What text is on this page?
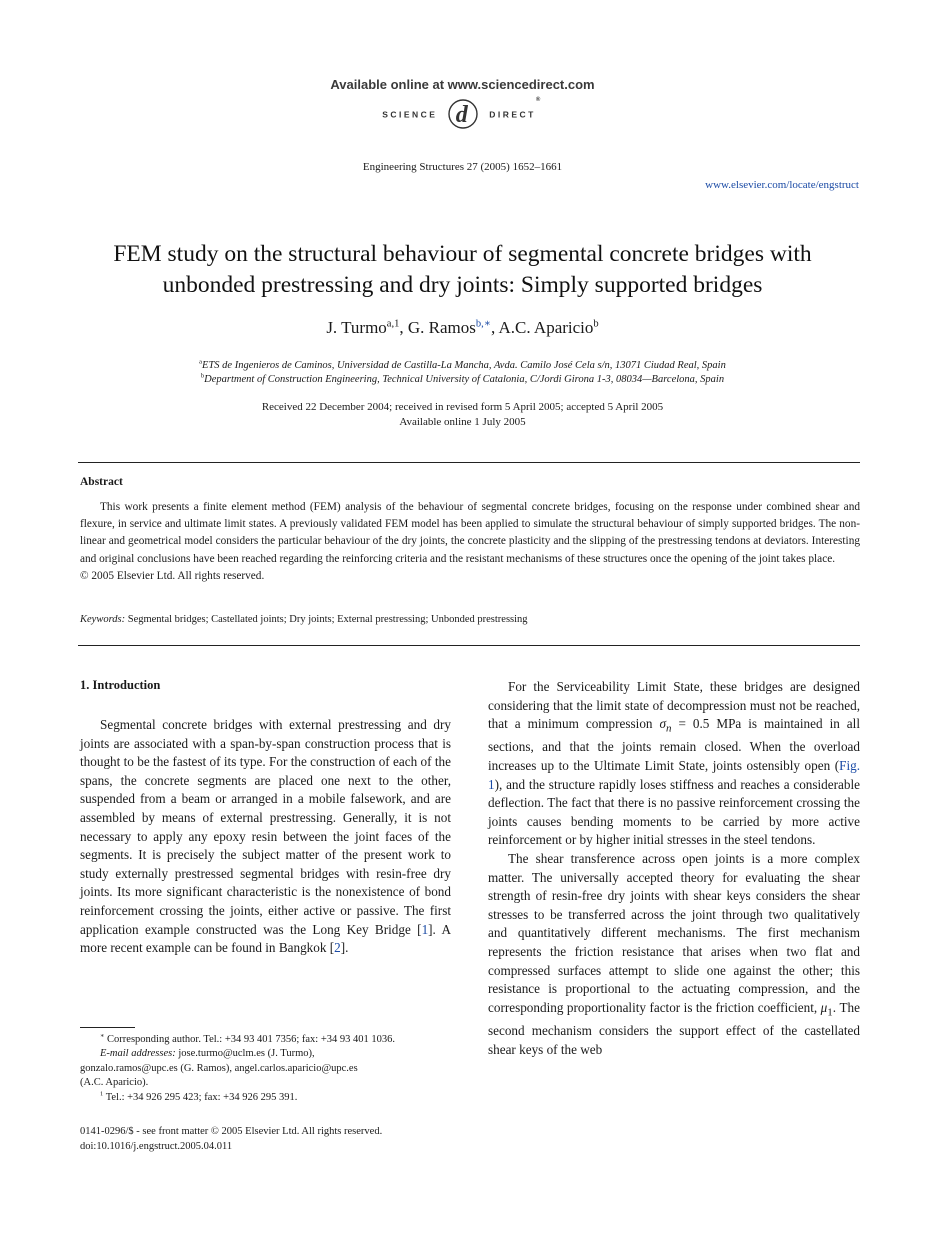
Available online at www.sciencedirect.com
SCIENCE d DIRECT®
Engineering Structures 27 (2005) 1652–1661
www.elsevier.com/locate/engstruct
FEM study on the structural behaviour of segmental concrete bridges with
unbonded prestressing and dry joints: Simply supported bridges
J. Turmo$^{a,1}$, G. Ramos$^{b,∗}$, A.C. Aparicio$^b$
$^a$ETS de Ingenieros de Caminos, Universidad de Castilla-La Mancha, Avda. Camilo José Cela s/n, 13071 Ciudad Real, Spain
$^b$Department of Construction Engineering, Technical University of Catalonia, C/Jordi Girona 1-3, 08034—Barcelona, Spain
Received 22 December 2004; received in revised form 5 April 2005; accepted 5 April 2005
Available online 1 July 2005
Abstract

This work presents a finite element method (FEM) analysis of the behaviour of segmental concrete bridges, focusing on the response under combined shear and flexure, in service and ultimate limit states. A previously validated FEM model has been applied to simulate the structural behaviour of simply supported bridges. The non-linear and geometrical model considers the particular behaviour of the dry joints, the concrete plasticity and the slipping of the prestressing tendons at deviators. Interesting and original conclusions have been reached regarding the reinforcing criteria and the resistant mechanisms of these structures once the opening of the joint takes place.

© 2005 Elsevier Ltd. All rights reserved.

Keywords: Segmental bridges; Castellated joints; Dry joints; External prestressing; Unbonded prestressing
1. Introduction

Segmental concrete bridges with external prestressing and dry joints are associated with a span-by-span construction process that is thought to be the fastest of its type. For the construction of each of the spans, the concrete segments are placed one next to the other, suspended from a beam or arranged in a mobile falsework, and are assembled by means of external prestressing. Generally, it is not necessary to apply any epoxy resin between the joint faces of the segments. It is precisely the subject matter of the present work to study externally prestressed segmental bridges with resin-free dry joints. Its more significant characteristic is the nonexistence of bond reinforcement crossing the joints, either active or passive. The first application example constructed was the Long Key Bridge [1]. A more recent example can be found in Bangkok [2].

∗ Corresponding author. Tel.: +34 93 401 7356; fax: +34 93 401 1036.
E-mail addresses: jose.turmo@uclm.es (J. Turmo),
gonzalo.ramos@upc.es (G. Ramos), angel.carlos.aparicio@upc.es
(A.C. Aparicio).
$^1$ Tel.: +34 926 295 423; fax: +34 926 295 391.
0141-0296/$ - see front matter © 2005 Elsevier Ltd. All rights reserved.
doi:10.1016/j.engstruct.2005.04.011

For the Serviceability Limit State, these bridges are designed considering that the limit state of decompression must not be reached, that a minimum compression $\sigma_n = 0.5$ MPa is maintained in all sections, and that the joints remain closed. When the overload increases up to the Ultimate Limit State, joints ostensibly open (Fig. 1), and the structure rapidly loses stiffness and reaches a considerable deflection. The fact that there is no passive reinforcement crossing the joints causes bending moments to be carried by more active reinforcement or by higher initial stresses in the steel tendons.

The shear transference across open joints is a more complex matter. The universally accepted theory for evaluating the shear strength of resin-free dry joints with shear keys considers the shear stresses to be transferred across the joint through two qualitatively and quantitatively different mechanisms. The first mechanism represents the friction resistance that arises when two flat and compressed surfaces attempt to slide one against the other; this resistance is proportional to the actuating compression, and the corresponding proportionality factor is the friction coefficient, $\mu_1$. The second mechanism considers the support effect of the castellated shear keys of the web
